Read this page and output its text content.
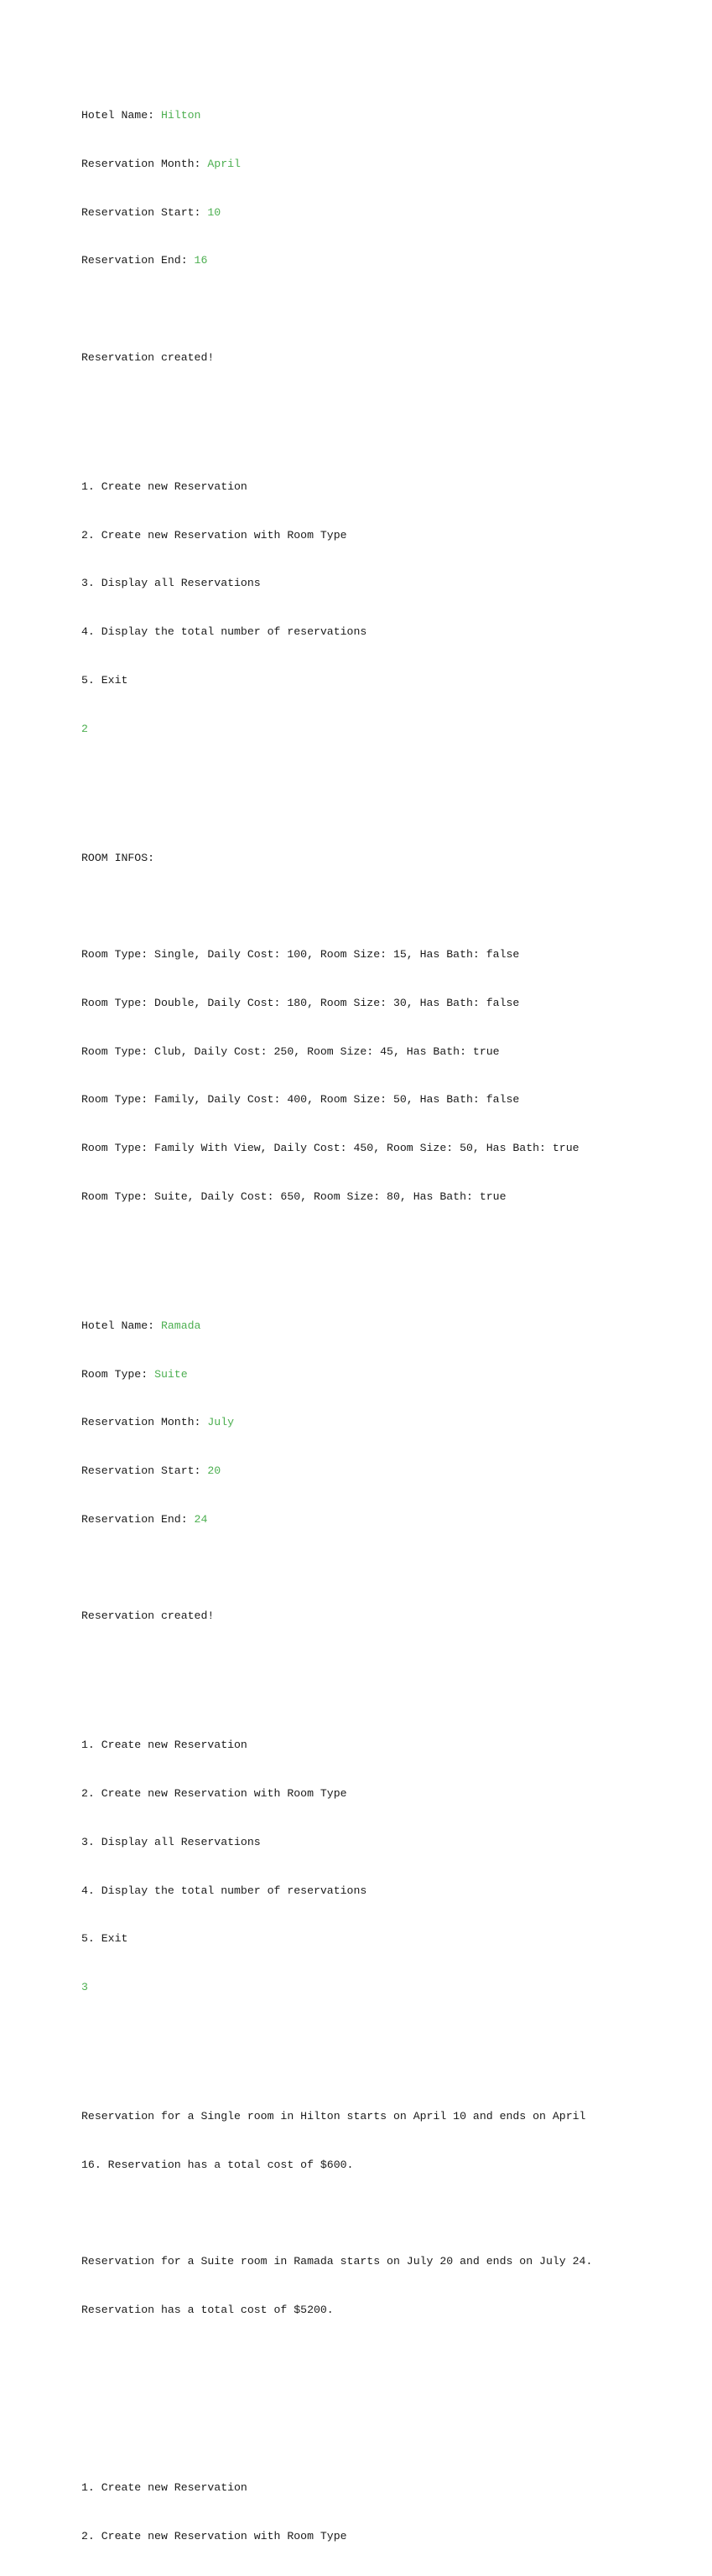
Hotel Name: Hilton

Reservation Month: April

Reservation Start: 10

Reservation End: 16

Reservation created!

1. Create new Reservation

2. Create new Reservation with Room Type

3. Display all Reservations

4. Display the total number of reservations

5. Exit

2

ROOM INFOS:

Room Type: Single, Daily Cost: 100, Room Size: 15, Has Bath: false

Room Type: Double, Daily Cost: 180, Room Size: 30, Has Bath: false

Room Type: Club, Daily Cost: 250, Room Size: 45, Has Bath: true

Room Type: Family, Daily Cost: 400, Room Size: 50, Has Bath: false

Room Type: Family With View, Daily Cost: 450, Room Size: 50, Has Bath: true

Room Type: Suite, Daily Cost: 650, Room Size: 80, Has Bath: true

Hotel Name: Ramada

Room Type: Suite

Reservation Month: July

Reservation Start: 20

Reservation End: 24

Reservation created!

1. Create new Reservation

2. Create new Reservation with Room Type

3. Display all Reservations

4. Display the total number of reservations

5. Exit

3

Reservation for a Single room in Hilton starts on April 10 and ends on April

16. Reservation has a total cost of $600.

Reservation for a Suite room in Ramada starts on July 20 and ends on July 24.

Reservation has a total cost of $5200.

1. Create new Reservation

2. Create new Reservation with Room Type
